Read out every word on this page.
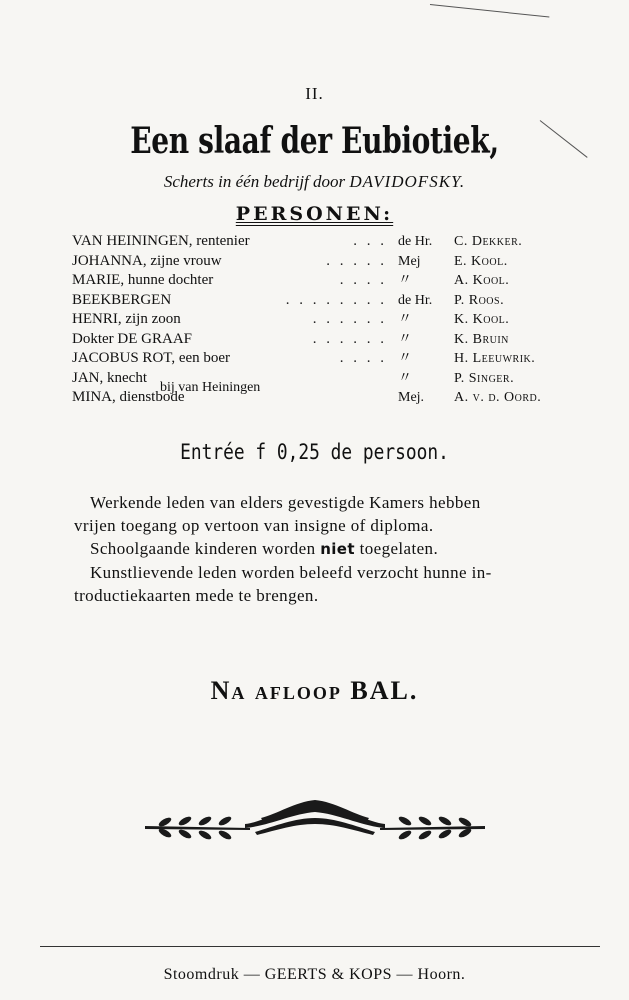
II.
Een slaaf der Eubiotiek,
Scherts in één bedrijf door DAVIDOFSKY.
PERSONEN:
VAN HEININGEN, rentenier	. . . de Hr.	C. Dekker.
JOHANNA, zijne vrouw	. . . . . Mej	E. Kool.
MARIE, hunne dochter	. . . . 〃	A. Kool.
BEEKBERGEN	. . . . . . . . de Hr.	P. Roos.
HENRI, zijn zoon	. . . . . . 〃	K. Kool.
Dokter DE GRAAF	. . . . . . 〃	K. Bruin
JACOBUS ROT, een boer	. . . . 〃	H. Leeuwrik.
JAN, knecht	〃	P. Singer.
MINA, dienstbode	Mej.	A. v. d. Oord.
bij van Heiningen
Entrée f 0,25 de persoon.
Werkende leden van elders gevestigde Kamers hebben
vrijen toegang op vertoon van insigne of diploma.
Schoolgaande kinderen worden niet toegelaten.
Kunstlievende leden worden beleefd verzocht hunne in-
troductiekaarten mede te brengen.
Na afloop BAL.
Stoomdruk — GEERTS & KOPS — Hoorn.
